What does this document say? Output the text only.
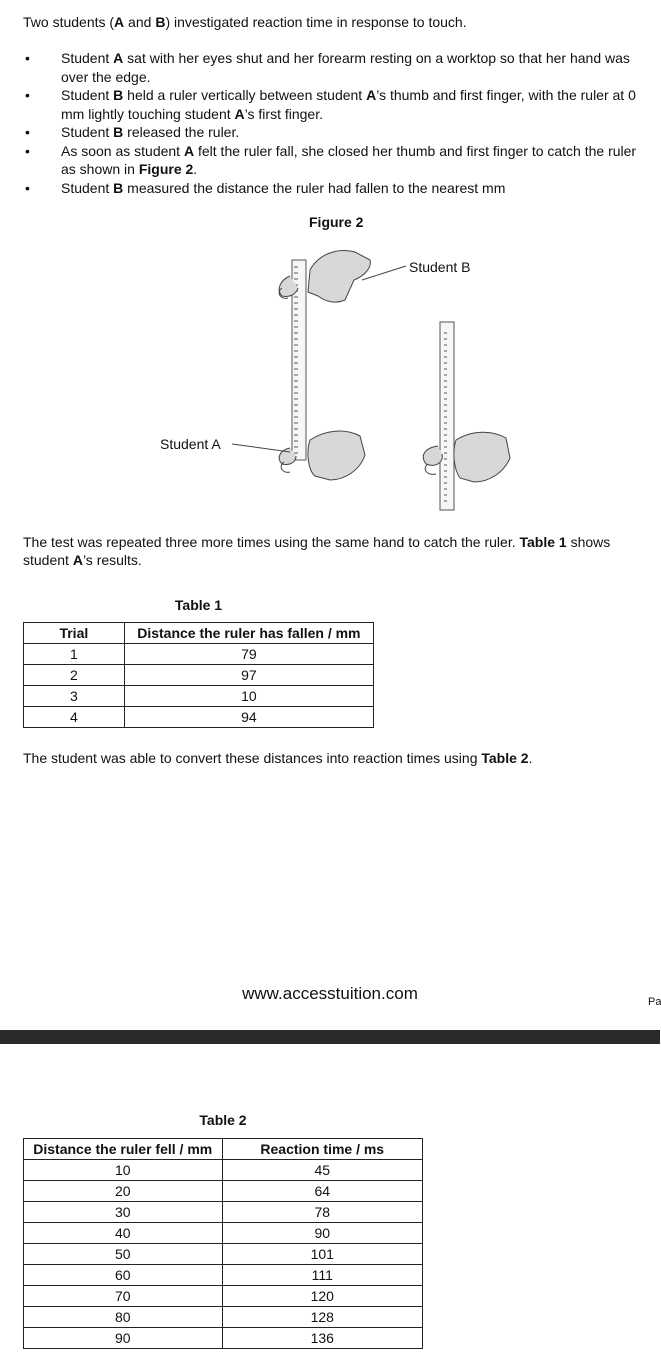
Two students (A and B) investigated reaction time in response to touch.
• Student A sat with her eyes shut and her forearm resting on a worktop so that her hand was over the edge.
• Student B held a ruler vertically between student A’s thumb and first finger, with the ruler at 0 mm lightly touching student A’s first finger.
• Student B released the ruler.
• As soon as student A felt the ruler fall, she closed her thumb and first finger to catch the ruler as shown in Figure 2.
• Student B measured the distance the ruler had fallen to the nearest mm
Figure 2
Student A
Student B
The test was repeated three more times using the same hand to catch the ruler. Table 1 shows student A’s results.
Table 1
Trial	Distance the ruler has fallen / mm
1	79
2	97
3	10
4	94
The student was able to convert these distances into reaction times using Table 2.
www.accesstuition.com	Pa
Table 2
Distance the ruler fell / mm	Reaction time / ms
10	45
20	64
30	78
40	90
50	101
60	111
70	120
80	128
90	136
